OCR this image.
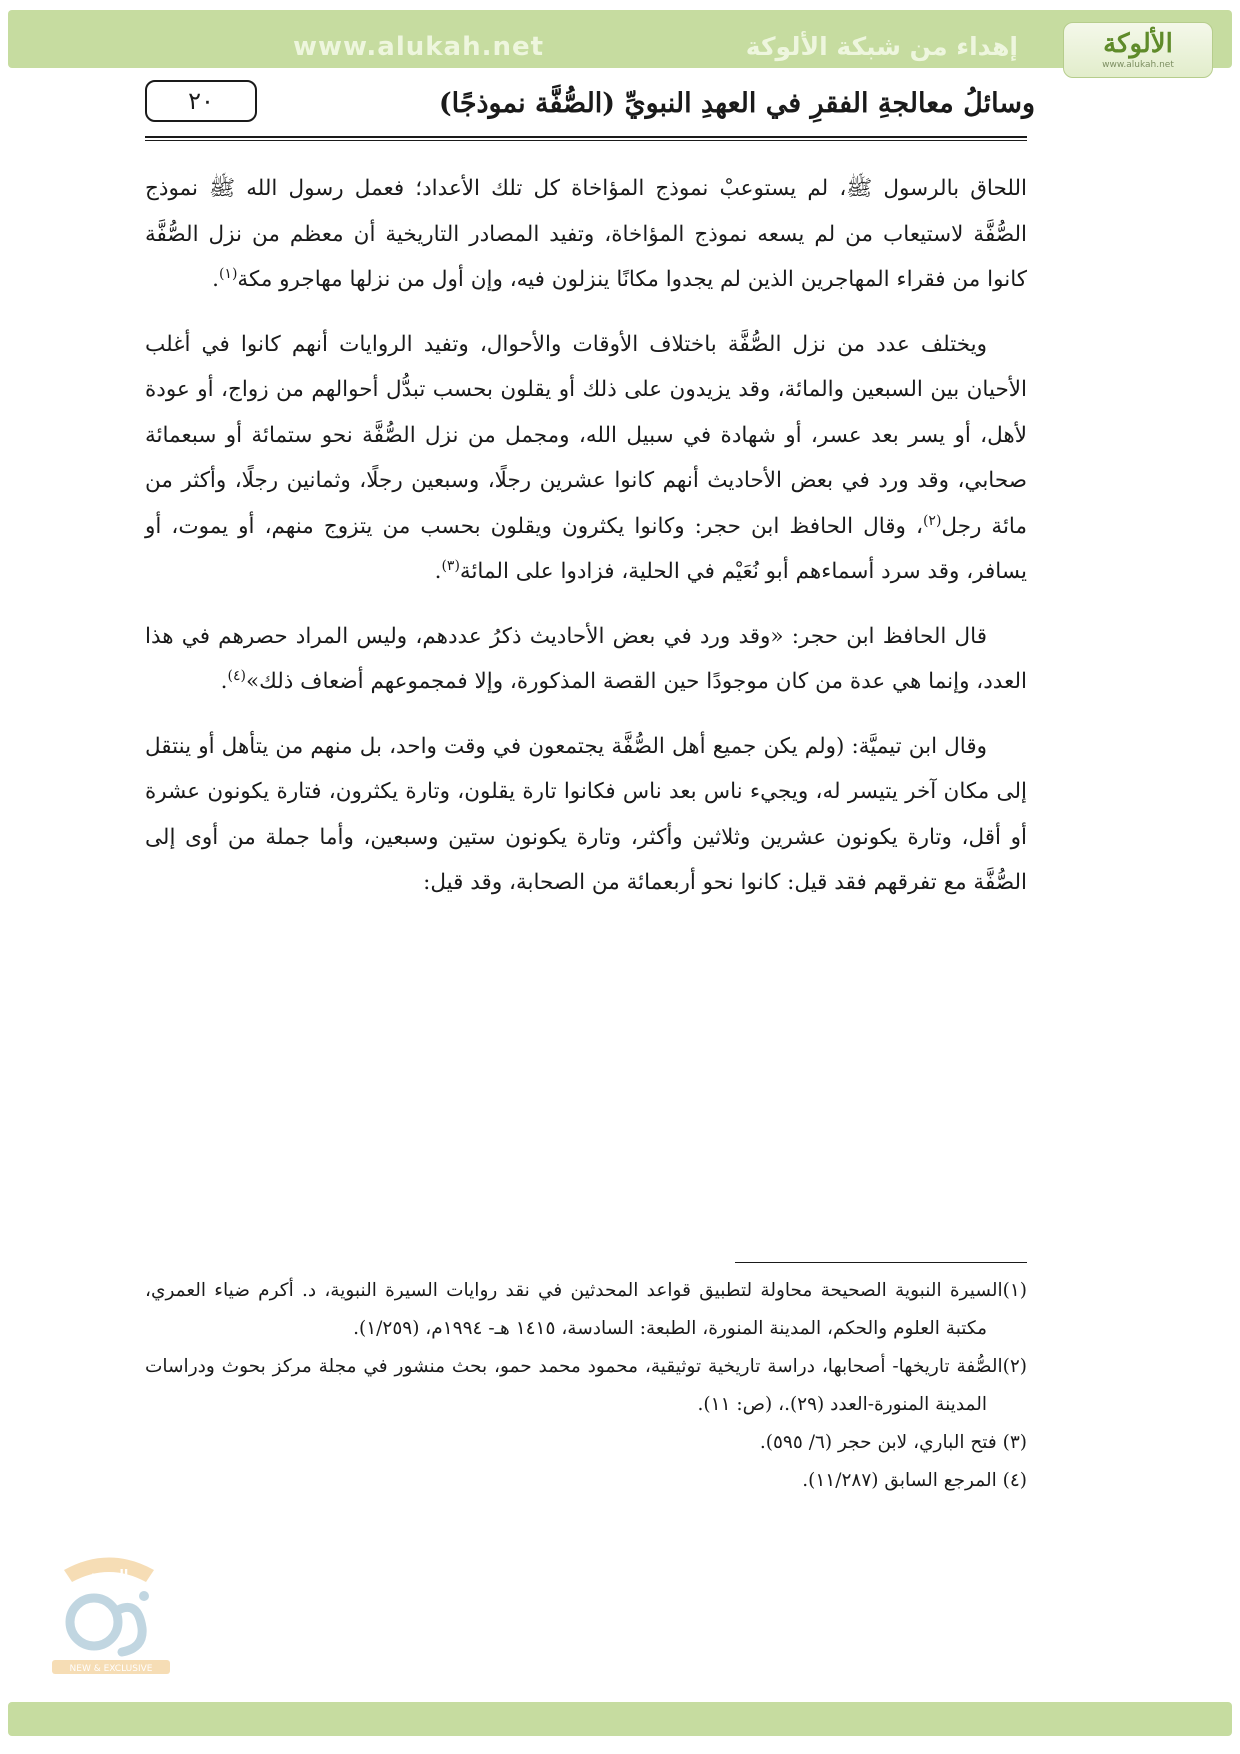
www.alukah.net	إهداء من شبكة الألوكة	الألوكة
www.alukah.net
٢٠	وسائلُ معالجةِ الفقرِ في العهدِ النبويِّ (الصُّفَّة نموذجًا)

اللحاق بالرسول ﷺ، لم يستوعبْ نموذج المؤاخاة كل تلك الأعداد؛ فعمل رسول الله ﷺ نموذج الصُّفَّة لاستيعاب من لم يسعه نموذج المؤاخاة، وتفيد المصادر التاريخية أن معظم من نزل الصُّفَّة كانوا من فقراء المهاجرين الذين لم يجدوا مكانًا ينزلون فيه، وإن أول من نزلها مهاجرو مكة$^{(١)}$.

ويختلف عدد من نزل الصُّفَّة باختلاف الأوقات والأحوال، وتفيد الروايات أنهم كانوا في أغلب الأحيان بين السبعين والمائة، وقد يزيدون على ذلك أو يقلون بحسب تبدُّل أحوالهم من زواج، أو عودة لأهل، أو يسر بعد عسر، أو شهادة في سبيل الله، ومجمل من نزل الصُّفَّة نحو ستمائة أو سبعمائة صحابي، وقد ورد في بعض الأحاديث أنهم كانوا عشرين رجلًا، وسبعين رجلًا، وثمانين رجلًا، وأكثر من مائة رجل$^{(٢)}$، وقال الحافظ ابن حجر: وكانوا يكثرون ويقلون بحسب من يتزوج منهم، أو يموت، أو يسافر، وقد سرد أسماءهم أبو نُعَيْم في الحلية، فزادوا على المائة$^{(٣)}$.

قال الحافظ ابن حجر: «وقد ورد في بعض الأحاديث ذكرُ عددهم، وليس المراد حصرهم في هذا العدد، وإنما هي عدة من كان موجودًا حين القصة المذكورة، وإلا فمجموعهم أضعاف ذلك»$^{(٤)}$.

وقال ابن تيميَّة: (ولم يكن جميع أهل الصُّفَّة يجتمعون في وقت واحد، بل منهم من يتأهل أو ينتقل إلى مكان آخر يتيسر له، ويجيء ناس بعد ناس فكانوا تارة يقلون، وتارة يكثرون، فتارة يكونون عشرة أو أقل، وتارة يكونون عشرين وثلاثين وأكثر، وتارة يكونون ستين وسبعين، وأما جملة من أوى إلى الصُّفَّة مع تفرقهم فقد قيل: كانوا نحو أربعمائة من الصحابة، وقد قيل:

(١)السيرة النبوية الصحيحة محاولة لتطبيق قواعد المحدثين في نقد روايات السيرة النبوية، د. أكرم ضياء العمري، مكتبة العلوم والحكم، المدينة المنورة، الطبعة: السادسة، ١٤١٥ هـ- ١٩٩٤م، (١/٢٥٩).

(٢)الصُّفة تاريخها- أصحابها، دراسة تاريخية توثيقية، محمود محمد حمو، بحث منشور في مجلة مركز بحوث ودراسات المدينة المنورة-العدد (٢٩).، (ص: ١١).

(٣) فتح الباري، لابن حجر (٦/ ٥٩٥).

(٤) المرجع السابق (١١/٢٨٧).

الجديد
NEW & EXCLUSIVE
